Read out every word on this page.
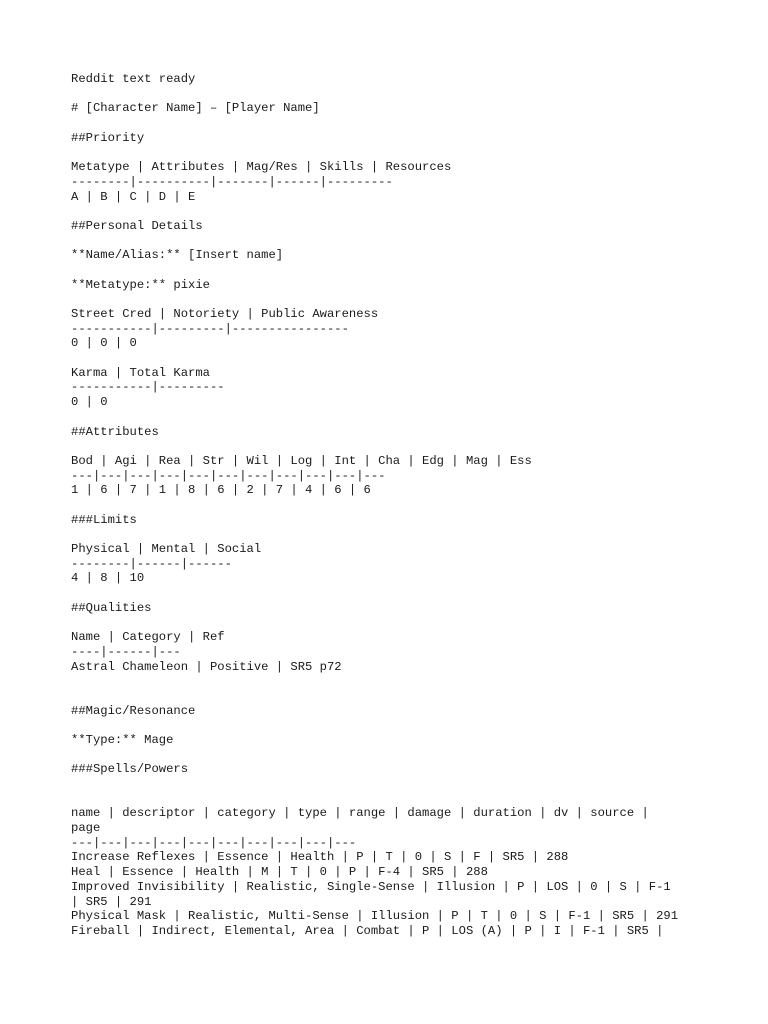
Reddit text ready
# [Character Name] – [Player Name]
##Priority
Metatype | Attributes | Mag/Res | Skills | Resources
--------|----------|-------|------|---------
A | B | C | D | E
##Personal Details
**Name/Alias:** [Insert name]
**Metatype:** pixie
Street Cred | Notoriety | Public Awareness
-----------|---------|----------------
0 | 0 | 0
Karma | Total Karma
-----------|---------
0 | 0
##Attributes
Bod | Agi | Rea | Str | Wil | Log | Int | Cha | Edg | Mag | Ess
---|---|---|---|---|---|---|---|---|---|---
1 | 6 | 7 | 1 | 8 | 6 | 2 | 7 | 4 | 6 | 6
###Limits
Physical | Mental | Social
--------|------|------
4 | 8 | 10
##Qualities
Name | Category | Ref
----|------|---
Astral Chameleon | Positive | SR5 p72
##Magic/Resonance
**Type:** Mage
###Spells/Powers
name | descriptor | category | type | range | damage | duration | dv | source |
page
---|---|---|---|---|---|---|---|---|---
Increase Reflexes | Essence | Health | P | T | 0 | S | F | SR5 | 288
Heal | Essence | Health | M | T | 0 | P | F-4 | SR5 | 288
Improved Invisibility | Realistic, Single-Sense | Illusion | P | LOS | 0 | S | F-1
| SR5 | 291
Physical Mask | Realistic, Multi-Sense | Illusion | P | T | 0 | S | F-1 | SR5 | 291
Fireball | Indirect, Elemental, Area | Combat | P | LOS (A) | P | I | F-1 | SR5 |
